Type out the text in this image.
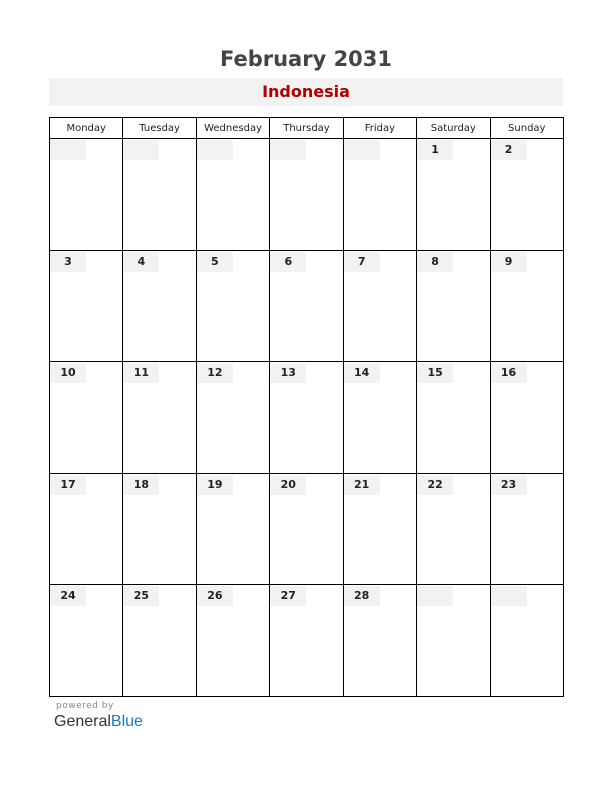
February 2031
Indonesia
Monday	Tuesday	Wednesday	Thursday	Friday	Saturday	Sunday

					1	2

3	4	5	6	7	8	9

10	11	12	13	14	15	16

17	18	19	20	21	22	23

24	25	26	27	28		

powered by
GeneralBlue
